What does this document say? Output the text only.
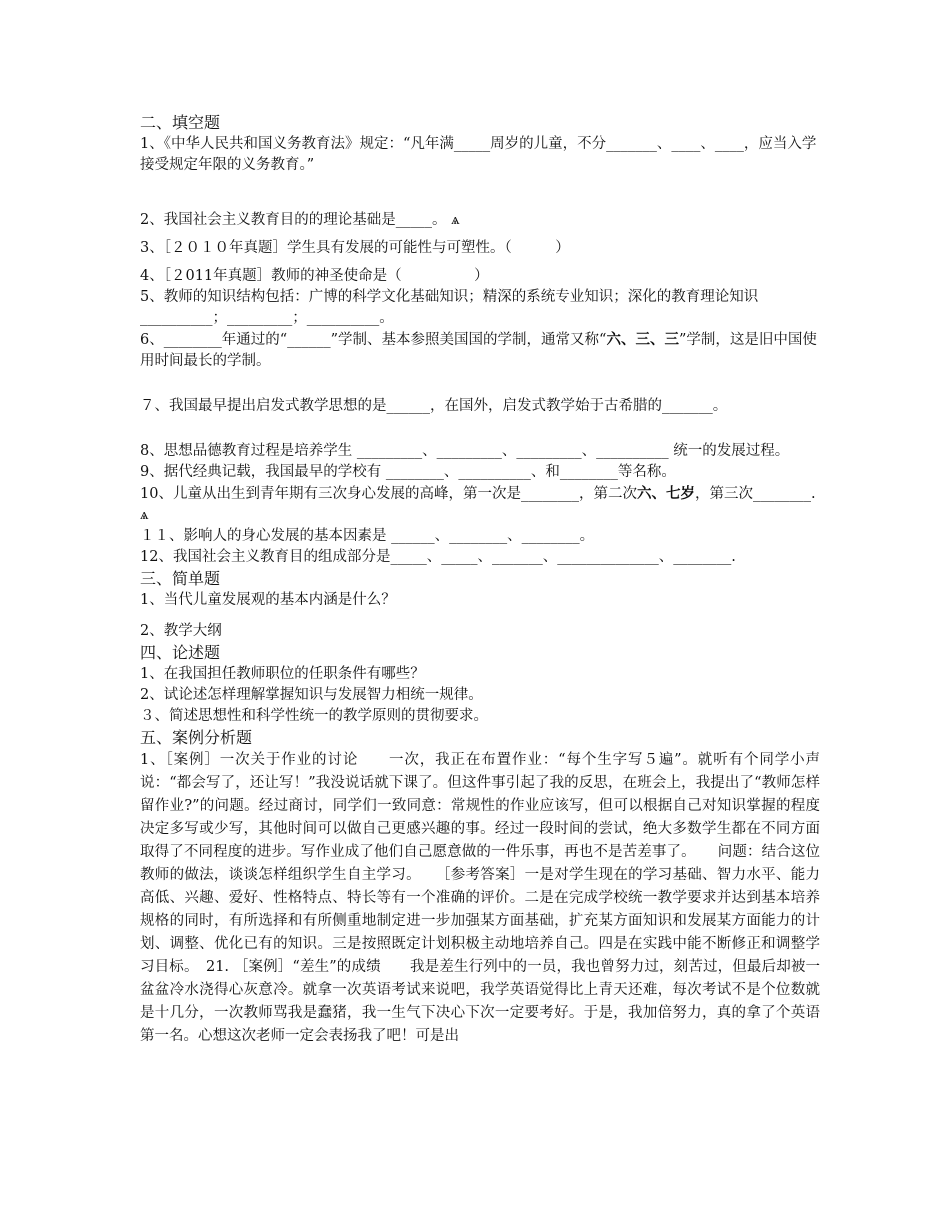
二、填空题

1、《中华人民共和国义务教育法》规定：“凡年满_____周岁的儿童，不分_______、____、____，应当入学接受规定年限的义务教育。”

2、我国社会主义教育目的的理论基础是_____。 ѧ

3、［２０１０年真题］学生具有发展的可能性与可塑性。（　　　）

4、［２011年真题］教师的神圣使命是（　　　　　）

5、教师的知识结构包括：广博的科学文化基础知识；精深的系统专业知识；深化的教育理论知识__________；_________；__________。

6、________年通过的“______”学制、基本参照美国国的学制，通常又称“六、三、三”学制，这是旧中国使用时间最长的学制。

７、我国最早提出启发式教学思想的是______，在国外，启发式教学始于古希腊的_______。

8、思想品德教育过程是培养学生 _________、_________、_________、__________ 统一的发展过程。

9、据代经典记载，我国最早的学校有 ________、__________、和________等名称。

10、儿童从出生到青年期有三次身心发展的高峰，第一次是________，第二次六、七岁，第三次________. ѧ

１１、影响人的身心发展的基本因素是 ______、________、________。

12、我国社会主义教育目的组成部分是_____、_____、_______、______________、________.

三、简单题

1、当代儿童发展观的基本内涵是什么？

2、教学大纲

四、论述题

1、在我国担任教师职位的任职条件有哪些？

2、试论述怎样理解掌握知识与发展智力相统一规律。

３、简述思想性和科学性统一的教学原则的贯彻要求。

五、案例分析题

1、［案例］一次关于作业的讨论　　一次，我正在布置作业：“每个生字写５遍”。就听有个同学小声说：“都会写了，还让写！”我没说话就下课了。但这件事引起了我的反思，在班会上，我提出了“教师怎样留作业?”的问题。经过商讨，同学们一致同意：常规性的作业应该写，但可以根据自己对知识掌握的程度决定多写或少写，其他时间可以做自己更感兴趣的事。经过一段时间的尝试，绝大多数学生都在不同方面取得了不同程度的进步。写作业成了他们自己愿意做的一件乐事，再也不是苦差事了。　　问题：结合这位教师的做法，谈谈怎样组织学生自主学习。　　［参考答案］一是对学生现在的学习基础、智力水平、能力高低、兴趣、爱好、性格特点、特长等有一个准确的评价。二是在完成学校统一教学要求并达到基本培养规格的同时，有所选择和有所侧重地制定进一步加强某方面基础，扩充某方面知识和发展某方面能力的计划、调整、优化已有的知识。三是按照既定计划积极主动地培养自己。四是在实践中能不断修正和调整学习目标。　21. ［案例］“差生”的成绩　　我是差生行列中的一员，我也曾努力过，刻苦过，但最后却被一盆盆冷水浇得心灰意冷。就拿一次英语考试来说吧，我学英语觉得比上青天还难，每次考试不是个位数就是十几分，一次教师骂我是蠢猪，我一生气下决心下次一定要考好。于是，我加倍努力，真的拿了个英语第一名。心想这次老师一定会表扬我了吧！可是出
